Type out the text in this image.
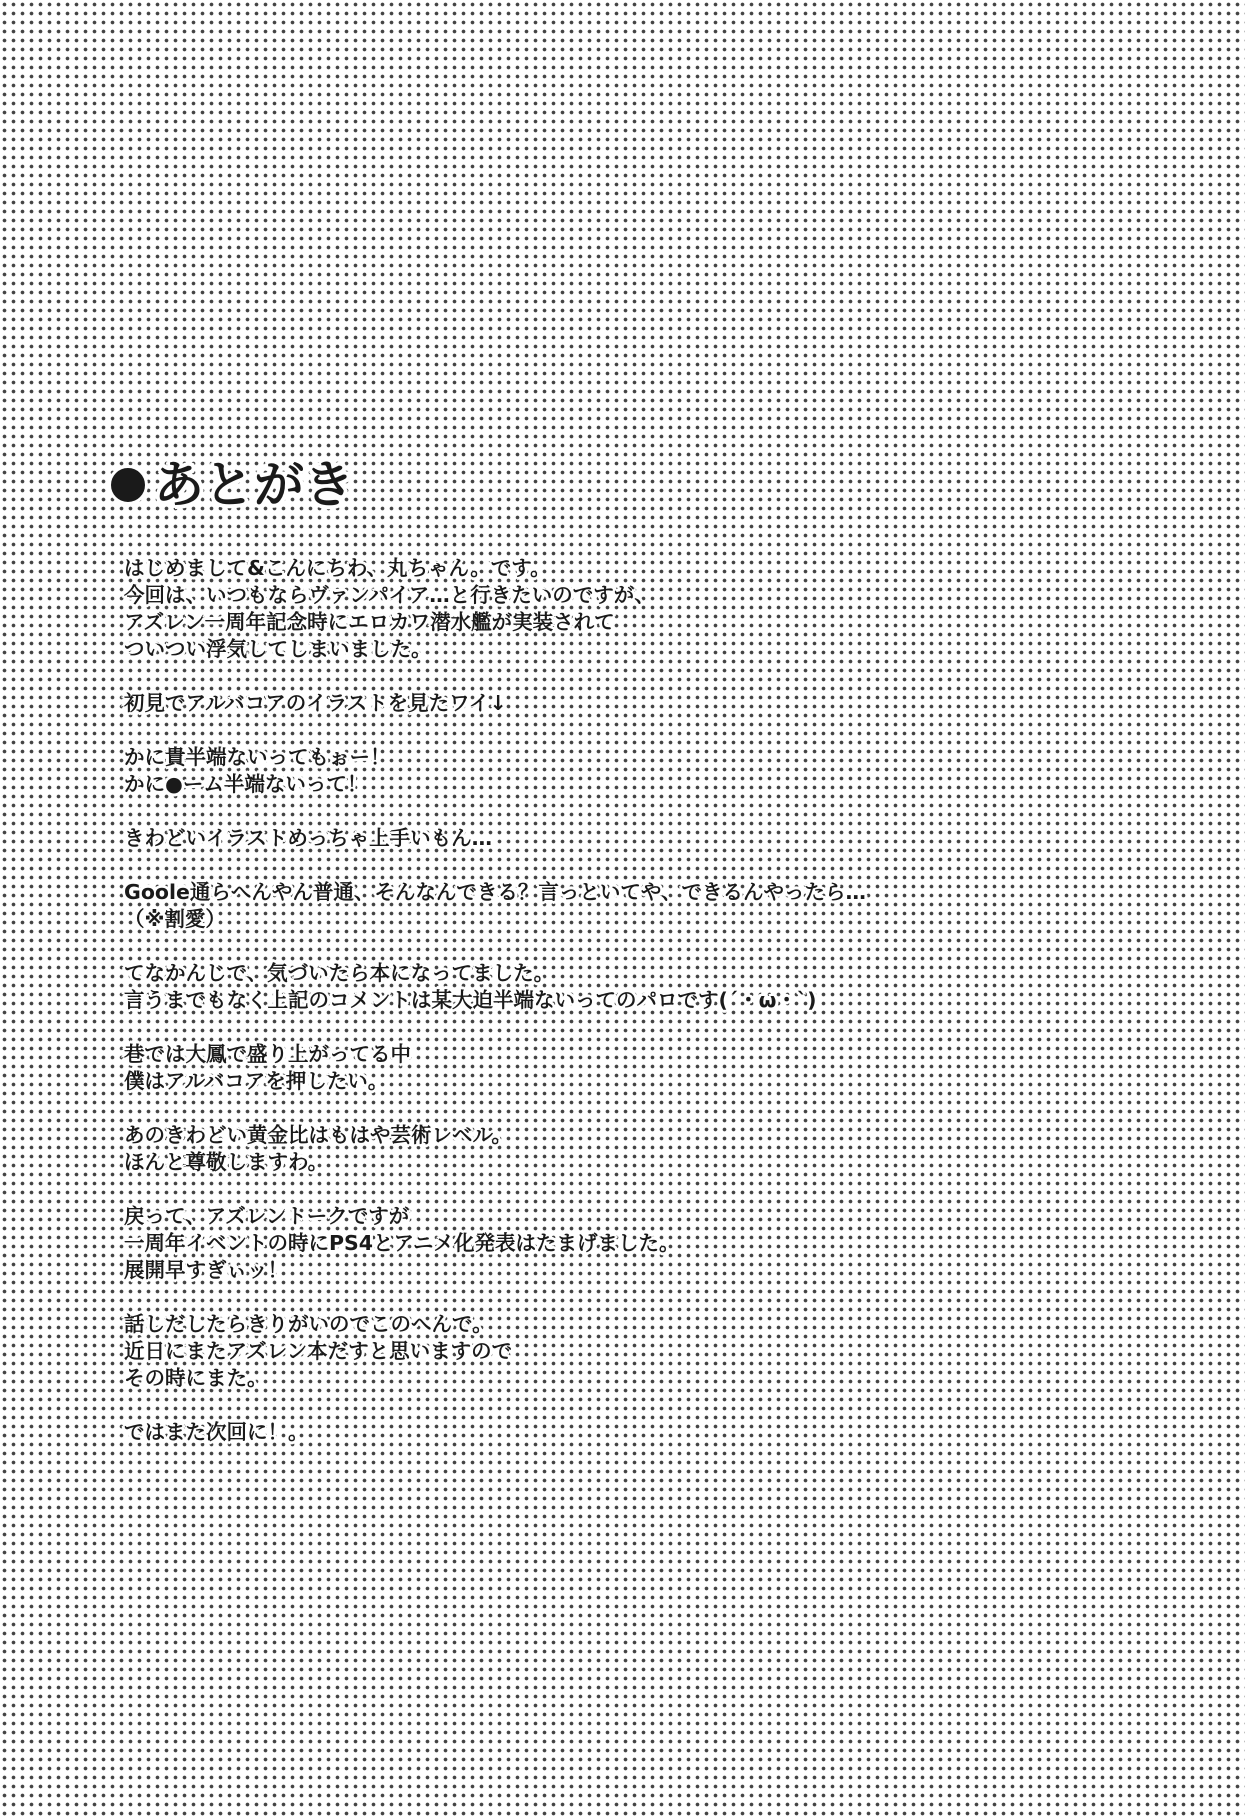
あとがき
はじめまして&こんにちわ、丸ちゃん。です。
今回は、いつもならヴァンパイア…と行きたいのですが、
アズレン一周年記念時にエロカワ潜水艦が実装されて
ついつい浮気してしまいました。
初見でアルバコアのイラストを見たワイ↓
かに貴半端ないってもぉー！
かに●ーム半端ないって！
きわどいイラストめっちゃ上手いもん…
Goole通らへんやん普通、そんなんできる？言っといてや、できるんやったら…
（※割愛）
てなかんじで、気づいたら本になってました。
言うまでもなく上記のコメントは某大迫半端ないってのパロです(´・ω・`)
巷では大鳳で盛り上がってる中
僕はアルバコアを押したい。
あのきわどい黄金比はもはや芸術レベル。
ほんと尊敬しますわ。
戻って、アズレントークですが
一周年イベントの時にPS4とアニメ化発表はたまげました。
展開早すぎぃッ！
話しだしたらきりがいのでこのへんで。
近日にまたアズレン本だすと思いますので
その時にまた。
ではまた次回に！。
